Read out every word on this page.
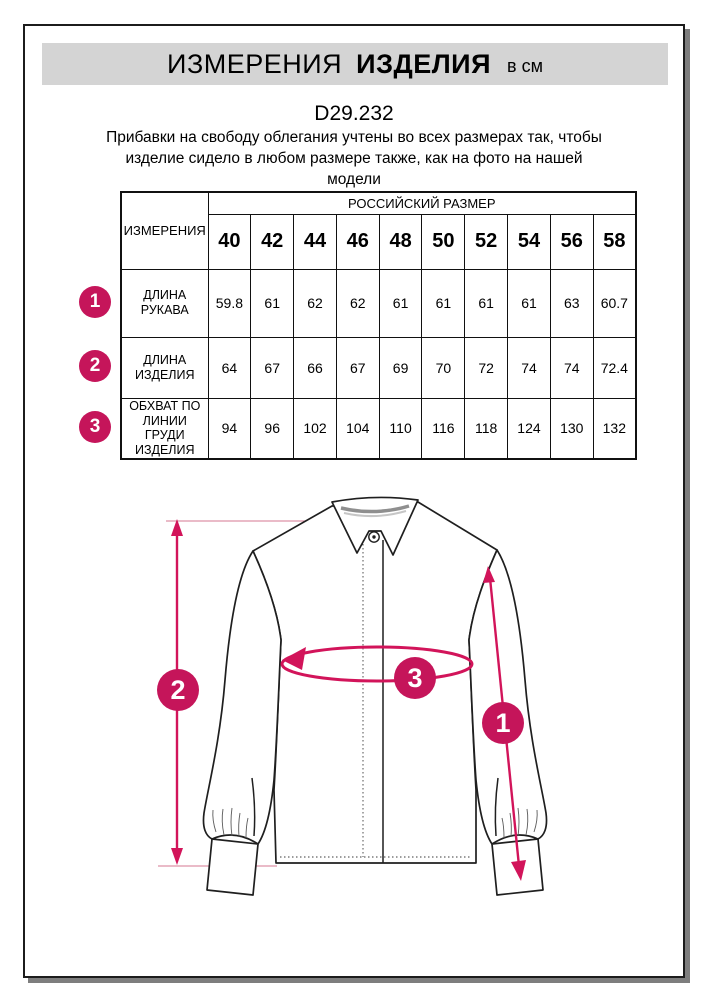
ИЗМЕРЕНИЯ ИЗДЕЛИЯ в см
D29.232
Прибавки на свободу облегания учтены во всех размерах так, чтобы
изделие сидело в любом размере также, как на фото на нашей
модели
ИЗМЕРЕНИЯ	РОССИЙСКИЙ РАЗМЕР									
	40	42	44	46	48	50	52	54	56	58
ДЛИНА РУКАВА	59.8	61	62	62	61	61	61	61	63	60.7
ДЛИНА ИЗДЕЛИЯ	64	67	66	67	69	70	72	74	74	72.4
ОБХВАТ ПО ЛИНИИ ГРУДИ ИЗДЕЛИЯ	94	96	102	104	110	116	118	124	130	132
1
2
3
2	3
1
